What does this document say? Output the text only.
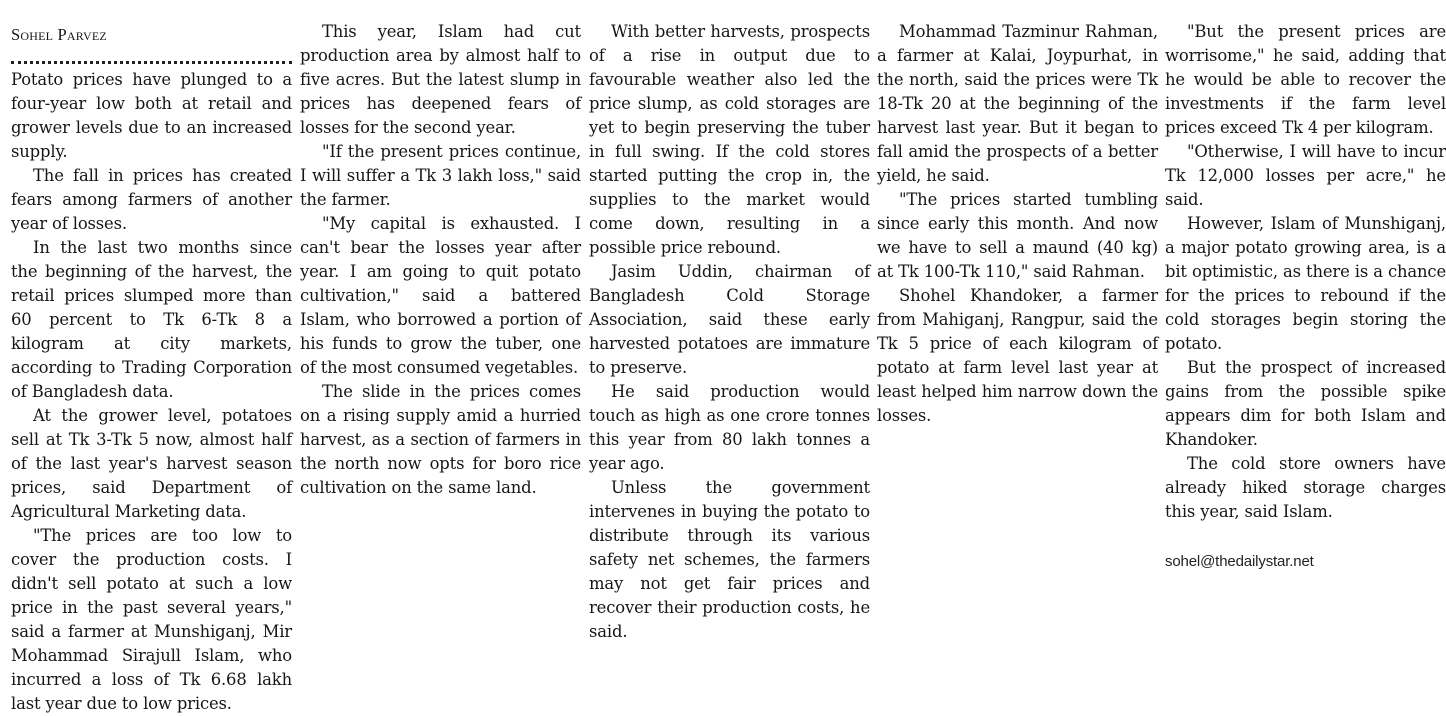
Sohel Parvez

Potato prices have plunged to a four-year low both at retail and grower levels due to an increased supply.

The fall in prices has created fears among farmers of another year of losses.

In the last two months since the beginning of the harvest, the retail prices slumped more than 60 percent to Tk 6-Tk 8 a kilogram at city markets, according to Trading Corporation of Bangladesh data.

At the grower level, potatoes sell at Tk 3-Tk 5 now, almost half of the last year's harvest season prices, said Department of Agricultural Marketing data.

"The prices are too low to cover the production costs. I didn't sell potato at such a low price in the past several years," said a farmer at Munshiganj, Mir Mohammad Sirajull Islam, who incurred a loss of Tk 6.68 lakh last year due to low prices.

This year, Islam had cut production area by almost half to five acres. But the latest slump in prices has deepened fears of losses for the second year.

"If the present prices continue, I will suffer a Tk 3 lakh loss," said the farmer.

"My capital is exhausted. I can't bear the losses year after year. I am going to quit potato cultivation," said a battered Islam, who borrowed a portion of his funds to grow the tuber, one of the most consumed vegetables.

The slide in the prices comes on a rising supply amid a hurried harvest, as a section of farmers in the north now opts for boro rice cultivation on the same land.

With better harvests, prospects of a rise in output due to favourable weather also led the price slump, as cold storages are yet to begin preserving the tuber in full swing. If the cold stores started putting the crop in, the supplies to the market would come down, resulting in a possible price rebound.

Jasim Uddin, chairman of Bangladesh Cold Storage Association, said these early harvested potatoes are immature to preserve.

He said production would touch as high as one crore tonnes this year from 80 lakh tonnes a year ago.

Unless the government intervenes in buying the potato to distribute through its various safety net schemes, the farmers may not get fair prices and recover their production costs, he said.

Mohammad Tazminur Rahman, a farmer at Kalai, Joypurhat, in the north, said the prices were Tk 18-Tk 20 at the beginning of the harvest last year. But it began to fall amid the prospects of a better yield, he said.

"The prices started tumbling since early this month. And now we have to sell a maund (40 kg) at Tk 100-Tk 110," said Rahman.

Shohel Khandoker, a farmer from Mahiganj, Rangpur, said the Tk 5 price of each kilogram of potato at farm level last year at least helped him narrow down the losses.

"But the present prices are worrisome," he said, adding that he would be able to recover the investments if the farm level prices exceed Tk 4 per kilogram.

"Otherwise, I will have to incur Tk 12,000 losses per acre," he said.

However, Islam of Munshiganj, a major potato growing area, is a bit optimistic, as there is a chance for the prices to rebound if the cold storages begin storing the potato.

But the prospect of increased gains from the possible spike appears dim for both Islam and Khandoker.

The cold store owners have already hiked storage charges this year, said Islam.

sohel@thedailystar.net
